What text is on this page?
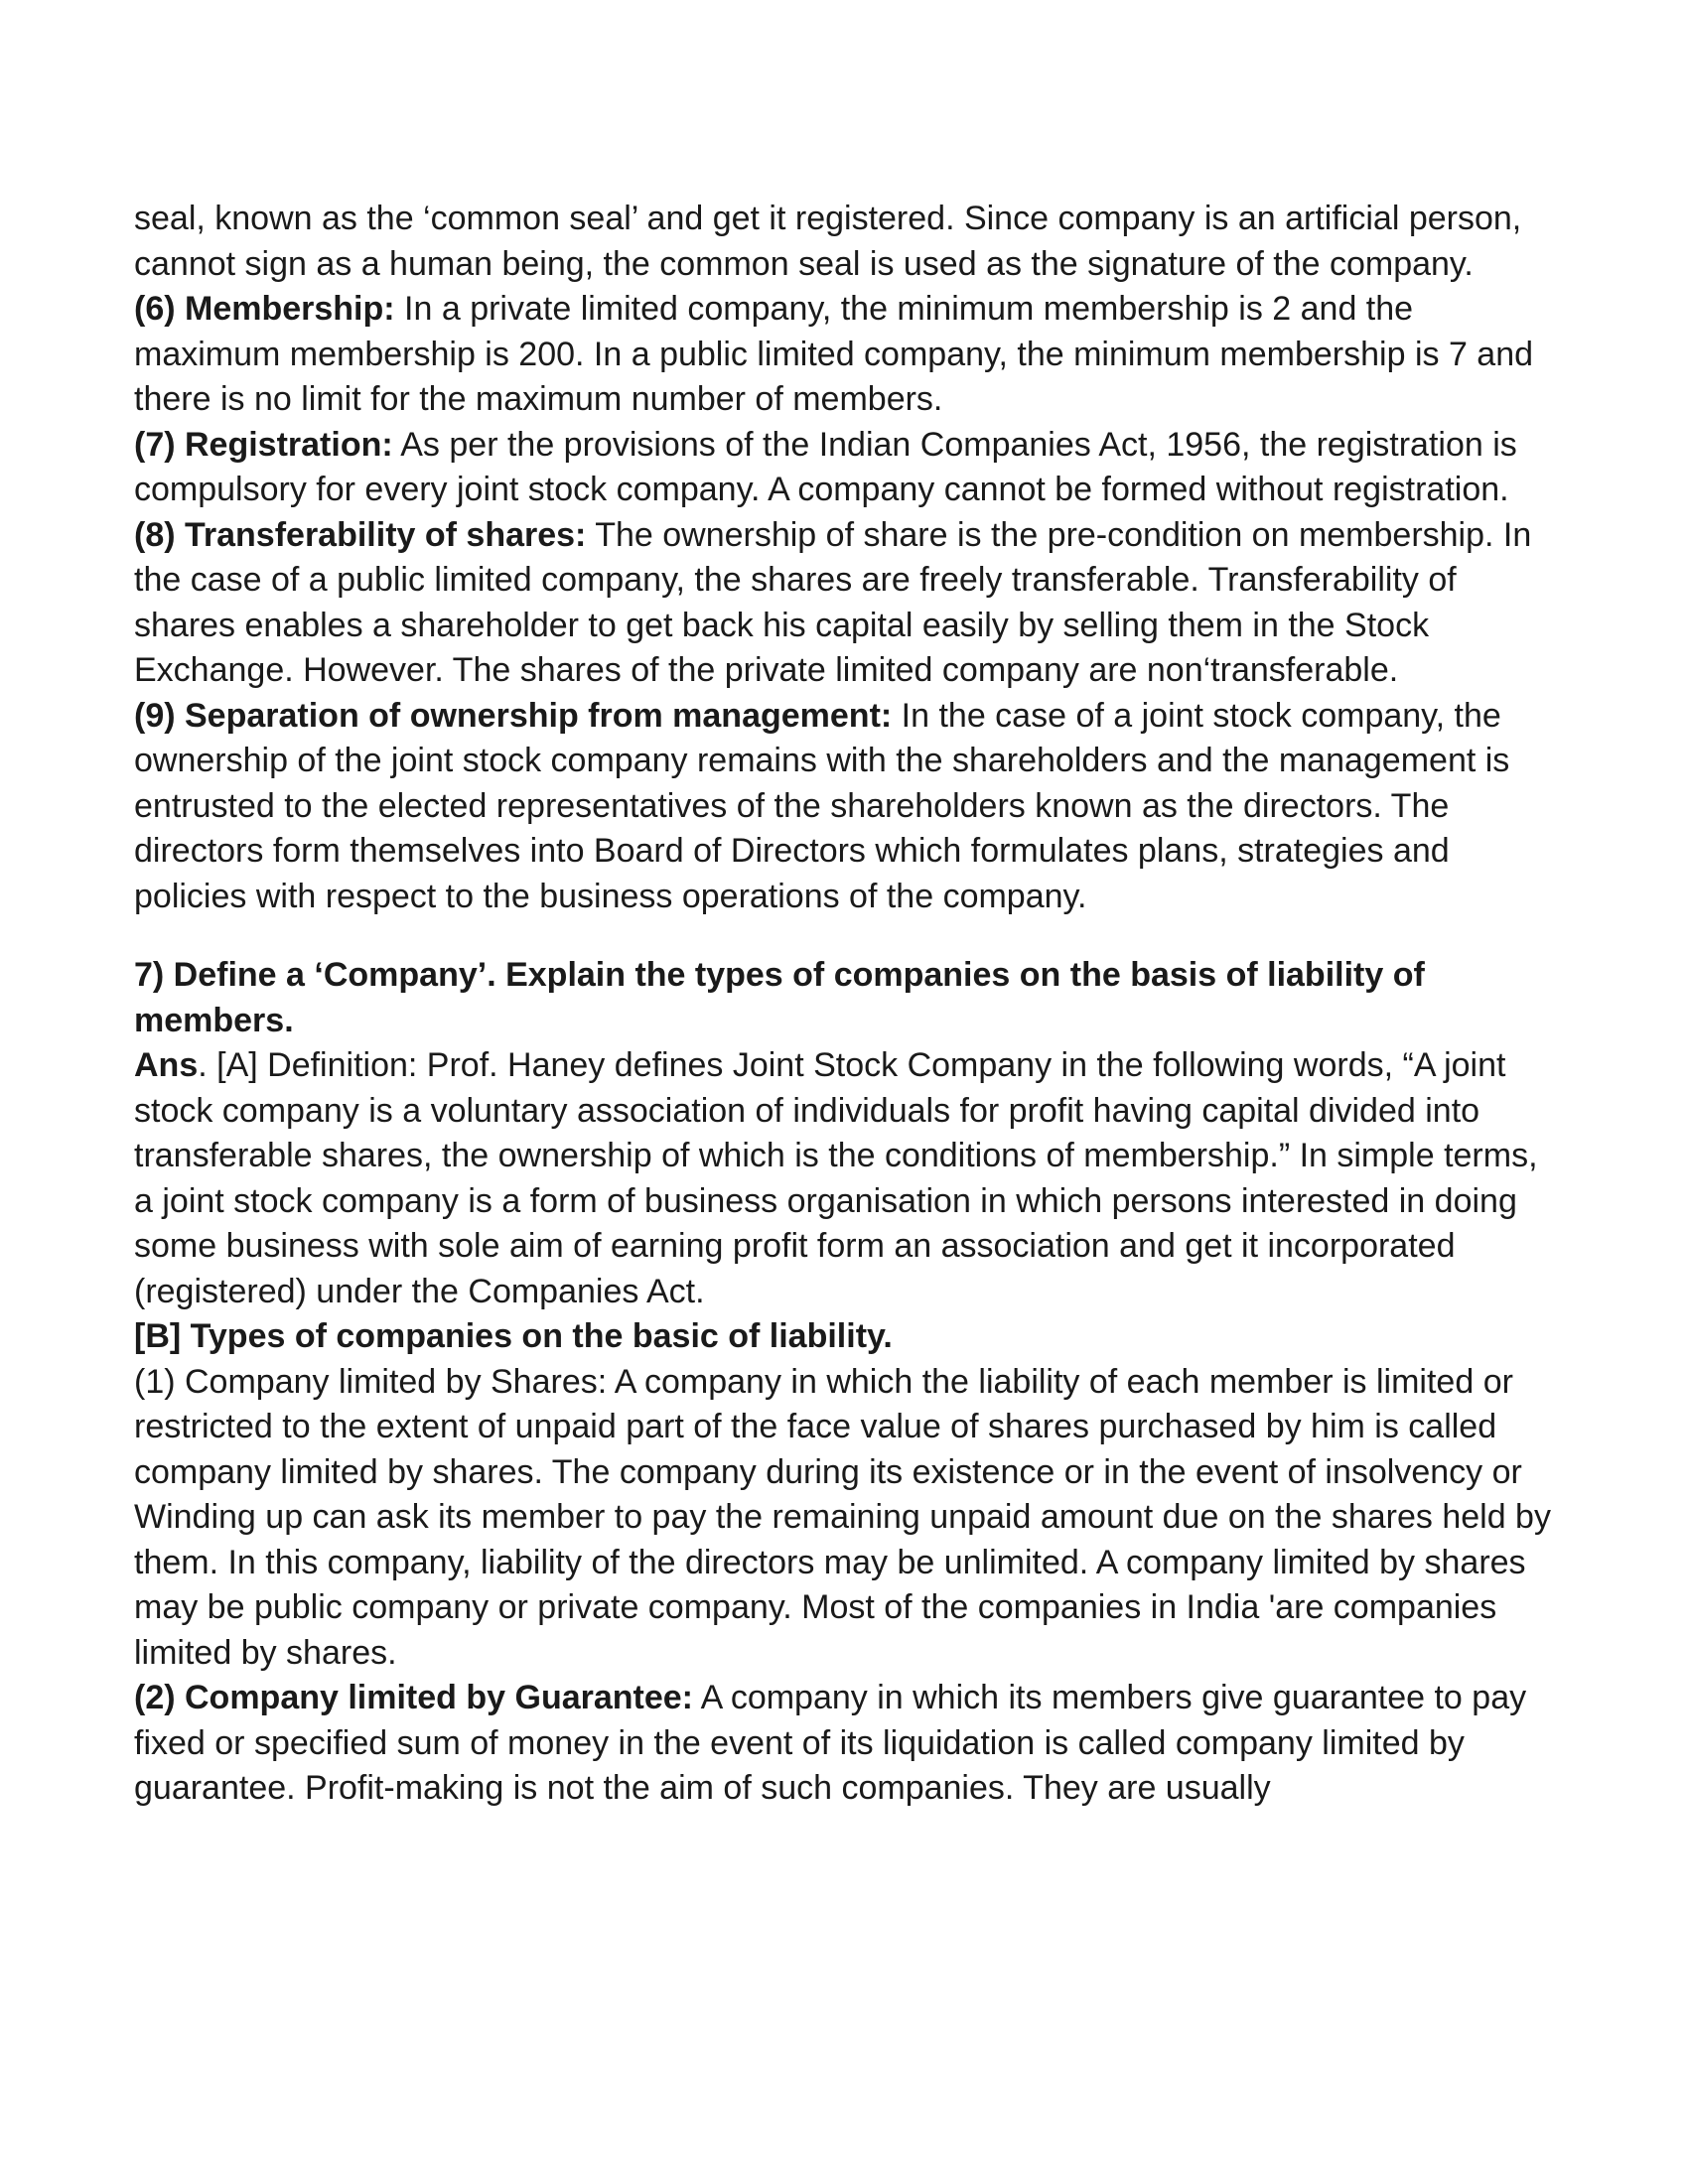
seal, known as the ‘common seal’ and get it registered. Since company is an artificial person, cannot sign as a human being, the common seal is used as the signature of the company.

(6) Membership: In a private limited company, the minimum membership is 2 and the maximum membership is 200. In a public limited company, the minimum membership is 7 and there is no limit for the maximum number of members.

(7) Registration: As per the provisions of the Indian Companies Act, 1956, the registration is compulsory for every joint stock company. A company cannot be formed without registration.

(8) Transferability of shares: The ownership of share is the pre-condition on membership. In the case of a public limited company, the shares are freely transferable. Transferability of shares enables a shareholder to get back his capital easily by selling them in the Stock Exchange. However. The shares of the private limited company are non‘transferable.

(9) Separation of ownership from management: In the case of a joint stock company, the ownership of the joint stock company remains with the shareholders and the management is entrusted to the elected representatives of the shareholders known as the directors. The directors form themselves into Board of Directors which formulates plans, strategies and policies with respect to the business operations of the company.

7) Define a ‘Company’. Explain the types of companies on the basis of liability of members.

Ans. [A] Definition: Prof. Haney defines Joint Stock Company in the following words, “A joint stock company is a voluntary association of individuals for profit having capital divided into transferable shares, the ownership of which is the conditions of membership.” In simple terms, a joint stock company is a form of business organisation in which persons interested in doing some business with sole aim of earning profit form an association and get it incorporated (registered) under the Companies Act.

[B] Types of companies on the basic of liability.

(1) Company limited by Shares: A company in which the liability of each member is limited or restricted to the extent of unpaid part of the face value of shares purchased by him is called company limited by shares. The company during its existence or in the event of insolvency or Winding up can ask its member to pay the remaining unpaid amount due on the shares held by them. In this company, liability of the directors may be unlimited. A company limited by shares may be public company or private company. Most of the companies in India 'are companies limited by shares.

(2) Company limited by Guarantee: A company in which its members give guarantee to pay fixed or specified sum of money in the event of its liquidation is called company limited by guarantee. Profit-making is not the aim of such companies. They are usually
